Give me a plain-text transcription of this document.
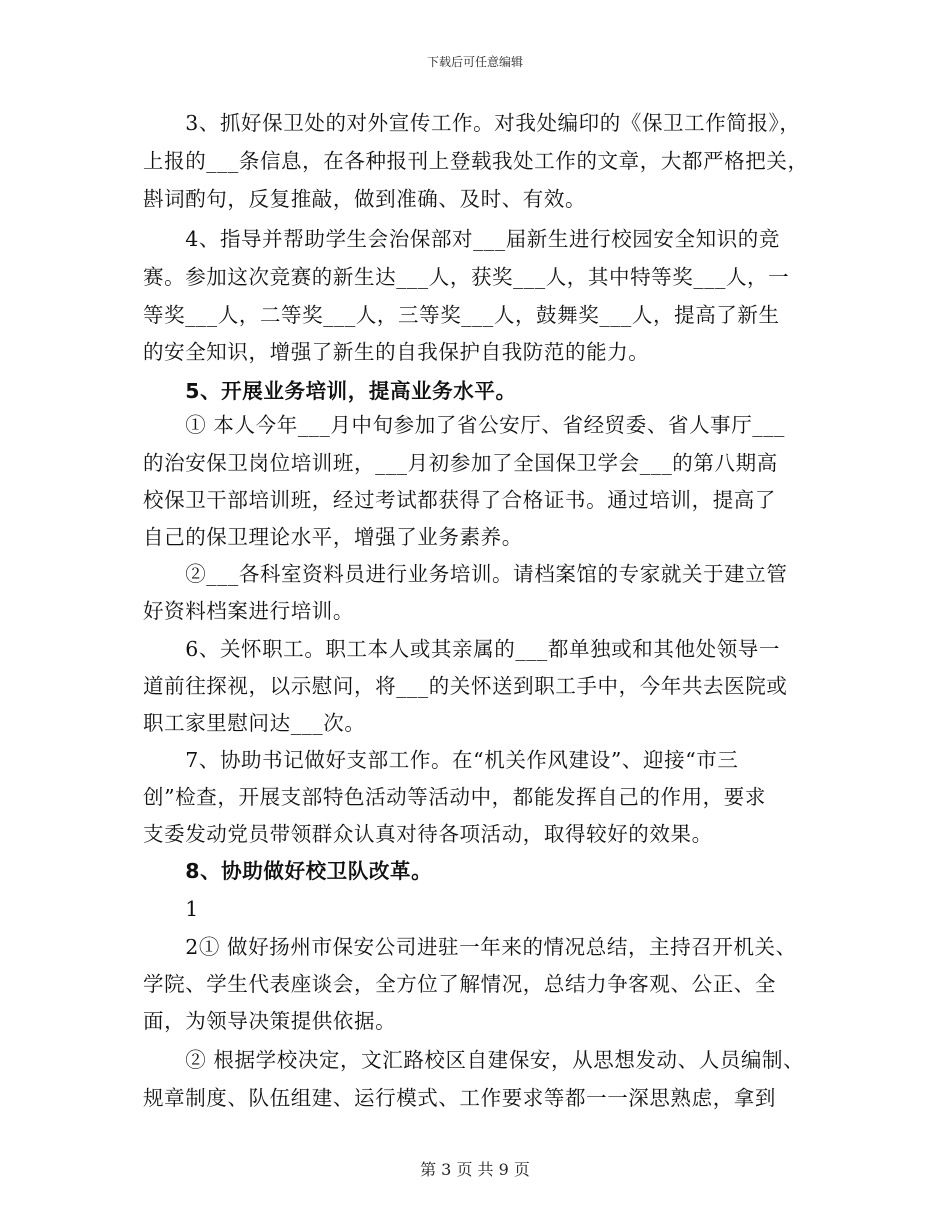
下载后可任意编辑
　　3、抓好保卫处的对外宣传工作。对我处编印的《保卫工作简报》，
上报的___条信息，在各种报刊上登载我处工作的文章，大都严格把关，
斟词酌句，反复推敲，做到准确、及时、有效。
　　4、指导并帮助学生会治保部对___届新生进行校园安全知识的竞
赛。参加这次竞赛的新生达___人，获奖___人，其中特等奖___人，一
等奖___人，二等奖___人，三等奖___人，鼓舞奖___人，提高了新生
的安全知识，增强了新生的自我保护自我防范的能力。
　　5、开展业务培训，提高业务水平。
　　① 本人今年___月中旬参加了省公安厅、省经贸委、省人事厅___
的治安保卫岗位培训班，___月初参加了全国保卫学会___的第八期高
校保卫干部培训班，经过考试都获得了合格证书。通过培训，提高了
自己的保卫理论水平，增强了业务素养。
　　②___各科室资料员进行业务培训。请档案馆的专家就关于建立管
好资料档案进行培训。
　　6、关怀职工。职工本人或其亲属的___都单独或和其他处领导一
道前往探视，以示慰问，将___的关怀送到职工手中，今年共去医院或
职工家里慰问达___次。
　　7、协助书记做好支部工作。在“机关作风建设”、迎接“市三
创”检查，开展支部特色活动等活动中，都能发挥自己的作用，要求
支委发动党员带领群众认真对待各项活动，取得较好的效果。
　　8、协助做好校卫队改革。
　　1
　　2① 做好扬州市保安公司进驻一年来的情况总结，主持召开机关、
学院、学生代表座谈会，全方位了解情况，总结力争客观、公正、全
面，为领导决策提供依据。
　　② 根据学校决定，文汇路校区自建保安，从思想发动、人员编制、
规章制度、队伍组建、运行模式、工作要求等都一一深思熟虑，拿到
第 3 页 共 9 页
